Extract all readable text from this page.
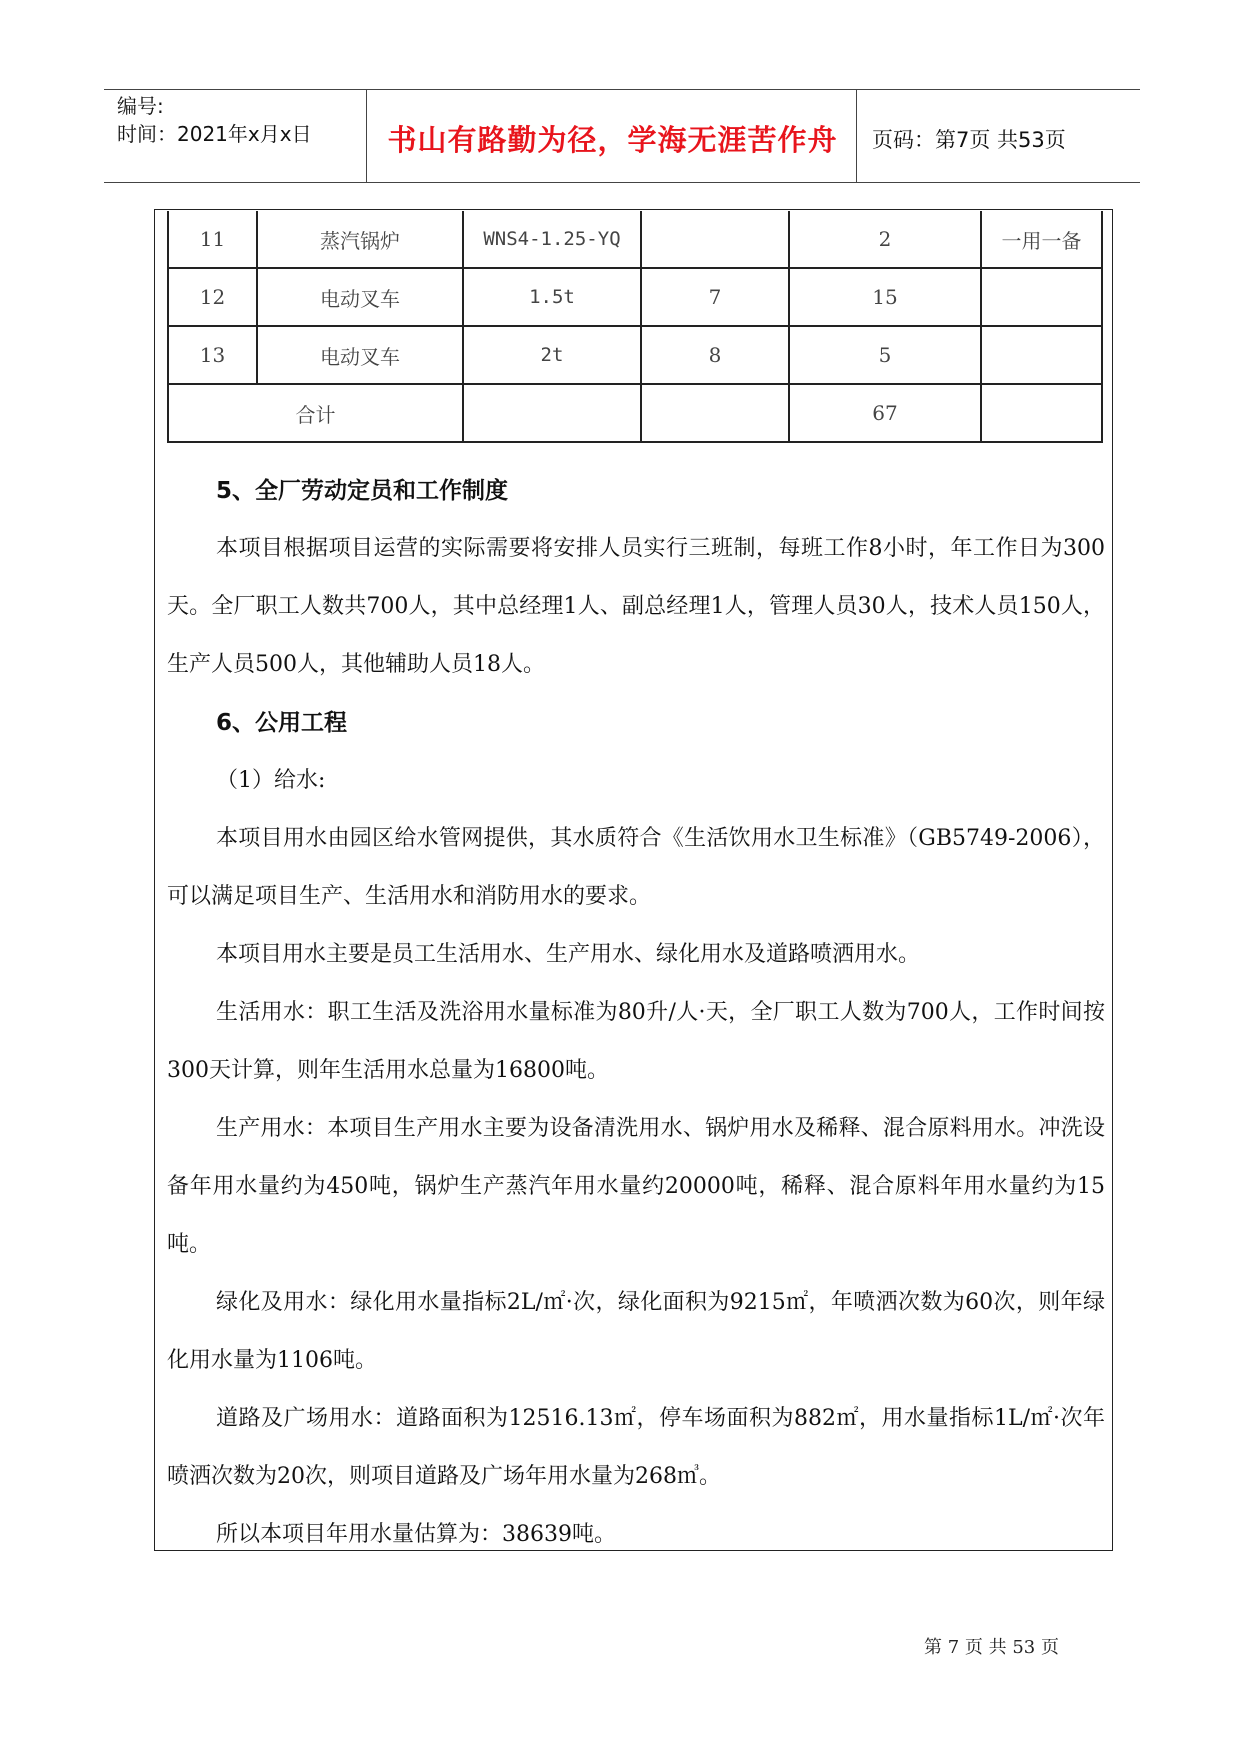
编号:
时间：2021年x月x日	书山有路勤为径，学海无涯苦作舟	页码：第7页 共53页
11	蒸汽锅炉	WNS4-1.25-YQ		2	一用一备
12	电动叉车	1.5t	7	15	
13	电动叉车	2t	8	5	
合计				67	

5、全厂劳动定员和工作制度

本项目根据项目运营的实际需要将安排人员实行三班制，每班工作8小时，年工作日为300天。全厂职工人数共700人，其中总经理1人、副总经理1人，管理人员30人，技术人员150人，生产人员500人，其他辅助人员18人。

6、公用工程

（1）给水:

本项目用水由园区给水管网提供，其水质符合《生活饮用水卫生标准》（GB5749-2006），可以满足项目生产、生活用水和消防用水的要求。

本项目用水主要是员工生活用水、生产用水、绿化用水及道路喷洒用水。

生活用水：职工生活及洗浴用水量标准为80升/人·天，全厂职工人数为700人，工作时间按300天计算，则年生活用水总量为16800吨。

生产用水：本项目生产用水主要为设备清洗用水、锅炉用水及稀释、混合原料用水。冲洗设备年用水量约为450吨，锅炉生产蒸汽年用水量约20000吨，稀释、混合原料年用水量约为15吨。

绿化及用水：绿化用水量指标2L/㎡·次，绿化面积为9215㎡，年喷洒次数为60次，则年绿化用水量为1106吨。

道路及广场用水：道路面积为12516.13㎡，停车场面积为882㎡，用水量指标1L/㎡·次年喷洒次数为20次，则项目道路及广场年用水量为268㎥。

所以本项目年用水量估算为：38639吨。

第 7 页 共 53 页
